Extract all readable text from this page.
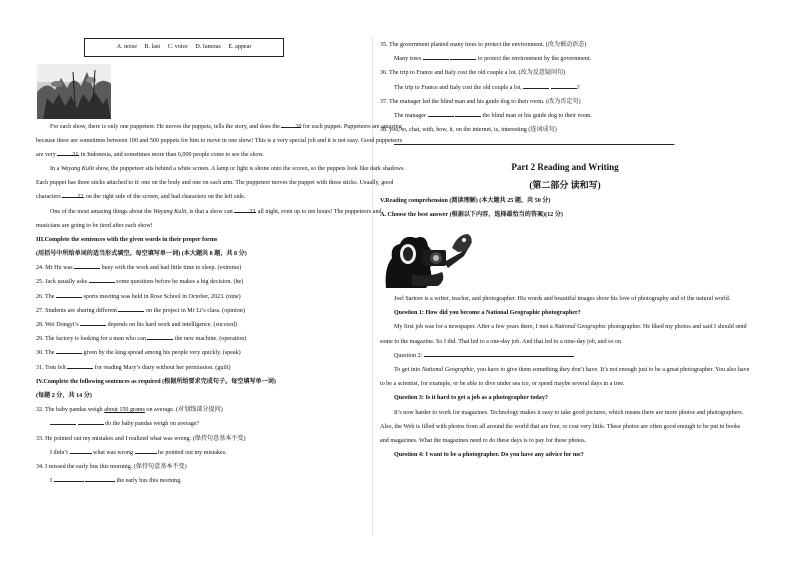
A. noise B. last C. voice D. famous E. appear

For each show, there is only one puppeteer. He moves the puppets, tells the story, and does the 20 for each puppet. Puppeteers are amazing because there are sometimes between 100 and 500 puppets for him to move in one show! This is a very special job and it is not easy. Good puppeteers are very 21 in Indonesia, and sometimes more than 6,000 people come to see the show.

In a Wayang Kulit show, the puppeteer sits behind a white screen. A lamp or light is shone onto the screen, so the puppets look like dark shadows. Each puppet has three sticks attached to it: one on the body and one on each arm. The puppeteer moves the puppet with these sticks. Usually, good characters 22 on the right side of the screen, and bad characters on the left side.

One of the most amazing things about the Wayang Kulit, is that a show can 23 all night, even up to ten hours! The puppeteers and musicians are going to be tired after each show!

III.Complete the sentences with the given words in their proper forms

(用括号中所给单词的适当形式填空。每空填写单一词) (本大题共 8 题，共 8 分)

24. Mr Hu was	busy with the work and had little time to sleep. (extreme)

25. Jack usually asks	some questions before he makes a big decision. (he)

26. The	sports meeting was held in Rose School in October, 2023. (nine)

27. Students are sharing different	on the project in Mr Li’s class. (opinion)

28. Wei Dongyi’s	depends on his hard work and intelligence. (succeed)

29. The factory is looking for a man who can	the new machine. (operation)

30. The	given by the king spread among his people very quickly. (speak)

31. Tom felt	for reading Mary’s diary without her permission. (guilt)

IV.Complete the following sentences as required (根据所给要求完成句子。每空填写单一词)

(每题 2 分，共 14 分)

32. The baby pandas weigh about 150 grams on average. (对划线部分提问)

do the baby pandas weigh on average?

33. He pointed out my mistakes and I realized what was wrong. (保持句意基本不变)

I didn’t	what was wrong	he pointed out my mistakes.

34. I missed the early bus this morning. (保持句意基本不变)

I	the early bus this morning.

35. The government planted many trees to protect the environment. (改为被动语态)

Many trees	to protect the environment by the government.

36. The trip to France and Italy cost the old couple a lot. (改为反意疑问句)

The trip to France and Italy cost the old couple a lot,	?

37. The manager led the blind man and his guide dog to their room. (改为否定句)

The manager	the blind man or his guide dog to their room.

38. you, to, chat, with, how, it, on the internet, is, interesting (连词成句)

.

Part 2 Reading and Writing

(第二部分 读和写)

V.Reading comprehension (阅读理解) (本大题共 25 题，共 50 分)

A. Choose the best answer (根据以下内容，选择最恰当的答案)(12 分)

Joel Sartore is a writer, teacher, and photographer. His words and beautiful images show his love of photography and of the natural world.

Question 1: How did you become a National Geographic photographer?

My first job was for a newspaper. After a few years there, I met a National Geographic photographer. He liked my photos and said I should send some to the magazine. So I did. That led to a one-day job. And that led to a nine-day job, and so on.

Question 2:

To get into National Geographic, you have to give them something they don’t have. It’s not enough just to be a great photographer. You also have to be a scientist, for example, or be able to dive under sea ice, or spend maybe several days in a tree.

Question 3: Is it hard to get a job as a photographer today?

It’s now harder to work for magazines. Technology makes it easy to take good pictures, which means there are more photos and photographers. Also, the Web is filled with photos from all around the world that are free, or cost very little. These photos are often good enough to be put in books and magazines. What the magazines need to do these days is to pay for these photos.

Question 4: I want to be a photographer. Do you have any advice for me?
